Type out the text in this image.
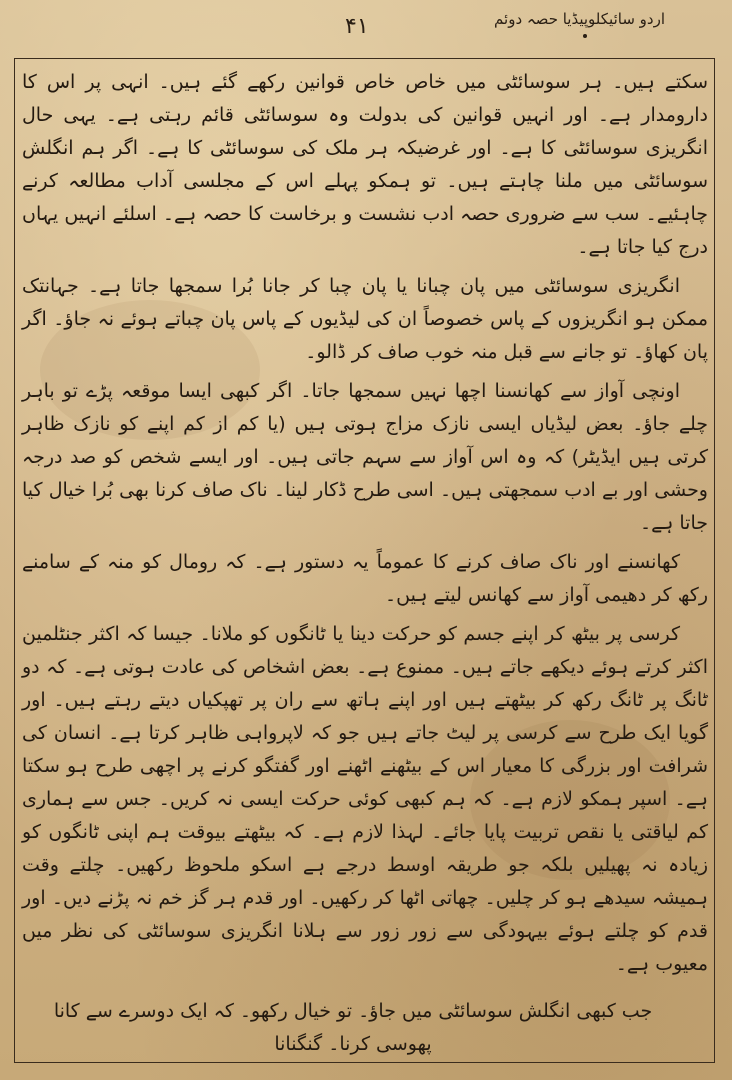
۴۱	اردو سائیکلوپیڈیا حصہ دوئم

سکتے ہیں۔ ہر سوسائٹی میں خاص خاص قوانین رکھے گئے ہیں۔ انہی پر اس کا دارومدار ہے۔ اور انہیں قوانین کی بدولت وہ سوسائٹی قائم رہتی ہے۔ یہی حال انگریزی سوسائٹی کا ہے۔ اور غرضیکہ ہر ملک کی سوسائٹی کا ہے۔ اگر ہم انگلش سوسائٹی میں ملنا چاہتے ہیں۔ تو ہمکو پہلے اس کے مجلسی آداب مطالعہ کرنے چاہئیے۔ سب سے ضروری حصہ ادب نشست و برخاست کا حصہ ہے۔ اسلئے انہیں یہاں درج کیا جاتا ہے۔

انگریزی سوسائٹی میں پان چبانا یا پان چبا کر جانا بُرا سمجھا جاتا ہے۔ جہانتک ممکن ہو انگریزوں کے پاس خصوصاً ان کی لیڈیوں کے پاس پان چباتے ہوئے نہ جاؤ۔ اگر پان کھاؤ۔ تو جانے سے قبل منہ خوب صاف کر ڈالو۔

اونچی آواز سے کھانسنا اچھا نہیں سمجھا جاتا۔ اگر کبھی ایسا موقعہ پڑے تو باہر چلے جاؤ۔ بعض لیڈیاں ایسی نازک مزاج ہوتی ہیں (یا کم از کم اپنے کو نازک ظاہر کرتی ہیں ایڈیٹر) کہ وہ اس آواز سے سہم جاتی ہیں۔ اور ایسے شخص کو صد درجہ وحشی اور بے ادب سمجھتی ہیں۔ اسی طرح ڈکار لینا۔ ناک صاف کرنا بھی بُرا خیال کیا جاتا ہے۔

کھانسنے اور ناک صاف کرنے کا عموماً یہ دستور ہے۔ کہ رومال کو منہ کے سامنے رکھ کر دھیمی آواز سے کھانس لیتے ہیں۔

کرسی پر بیٹھ کر اپنے جسم کو حرکت دینا یا ٹانگوں کو ملانا۔ جیسا کہ اکثر جنٹلمین اکثر کرتے ہوئے دیکھے جاتے ہیں۔ ممنوع ہے۔ بعض اشخاص کی عادت ہوتی ہے۔ کہ دو ٹانگ پر ٹانگ رکھ کر بیٹھتے ہیں اور اپنے ہاتھ سے ران پر تھپکیاں دیتے رہتے ہیں۔ اور گویا ایک طرح سے کرسی پر لیٹ جاتے ہیں جو کہ لاپرواہی ظاہر کرتا ہے۔ انسان کی شرافت اور بزرگی کا معیار اس کے بیٹھنے اٹھنے اور گفتگو کرنے پر اچھی طرح ہو سکتا ہے۔ اسپر ہمکو لازم ہے۔ کہ ہم کبھی کوئی حرکت ایسی نہ کریں۔ جس سے ہماری کم لیاقتی یا نقص تربیت پایا جائے۔ لہذا لازم ہے۔ کہ بیٹھتے بیوقت ہم اپنی ٹانگوں کو زیادہ نہ پھیلیں بلکہ جو طریقہ اوسط درجے ہے اسکو ملحوظ رکھیں۔ چلتے وقت ہمیشہ سیدھے ہو کر چلیں۔ چھاتی اٹھا کر رکھیں۔ اور قدم ہر گز خم نہ پڑنے دیں۔ اور قدم کو چلتے ہوئے بیہودگی سے زور زور سے ہلانا انگریزی سوسائٹی کی نظر میں معیوب ہے۔

جب کبھی انگلش سوسائٹی میں جاؤ۔ تو خیال رکھو۔ کہ ایک دوسرے سے کانا پھوسی کرنا۔ گنگنانا
